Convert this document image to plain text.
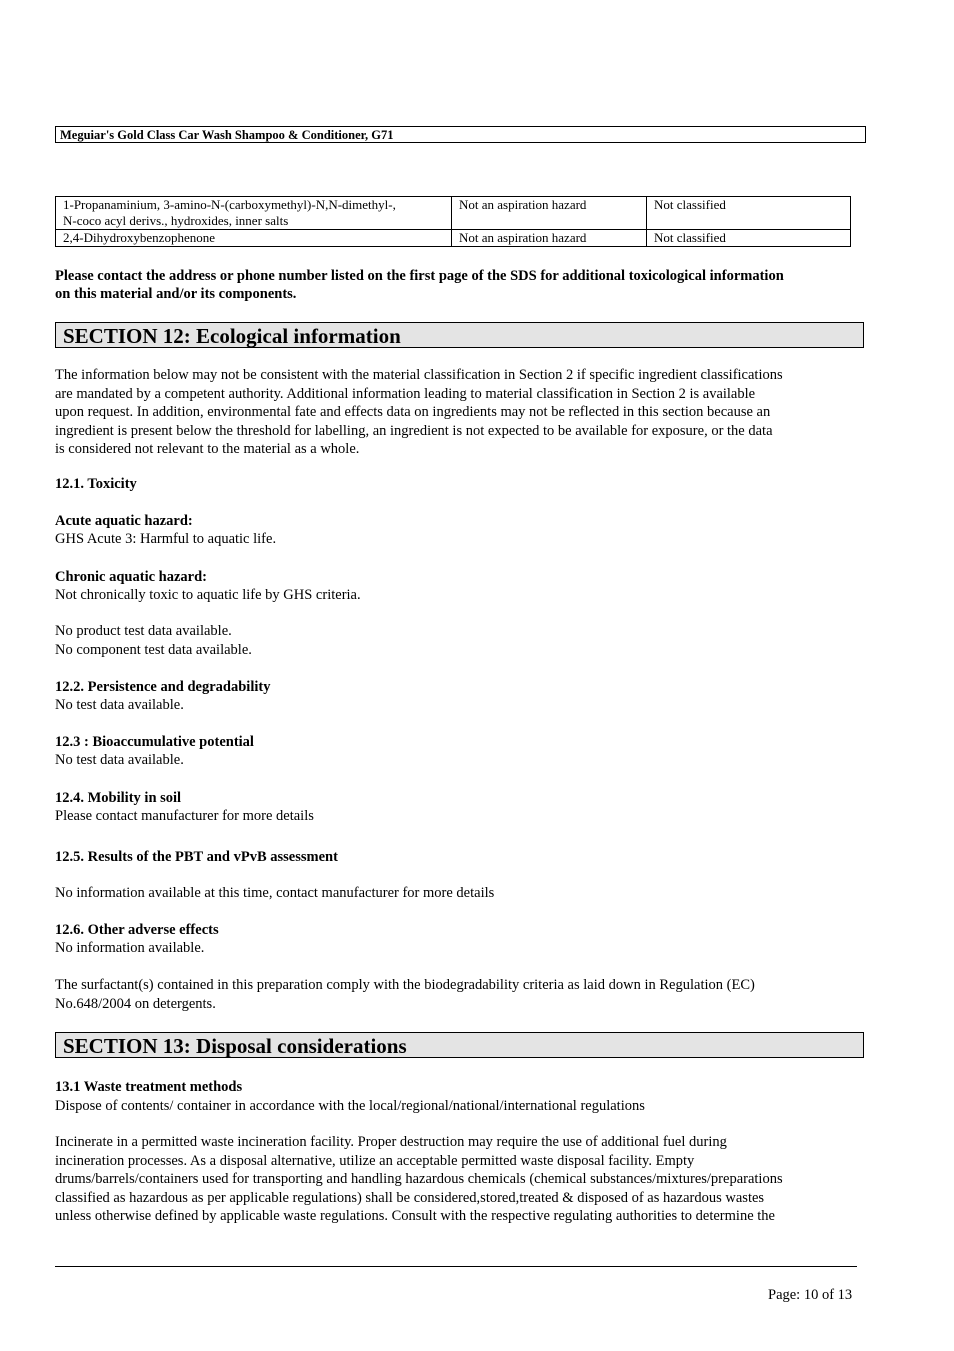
Meguiar's Gold Class Car Wash Shampoo & Conditioner, G71
1-Propanaminium, 3-amino-N-(carboxymethyl)-N,N-dimethyl-,
N-coco acyl derivs., hydroxides, inner salts	Not an aspiration hazard	Not classified
2,4-Dihydroxybenzophenone	Not an aspiration hazard	Not classified
Please contact the address or phone number listed on the first page of the SDS for additional toxicological information
on this material and/or its components.
SECTION 12: Ecological information
The information below may not be consistent with the material classification in Section 2 if specific ingredient classifications
are mandated by a competent authority. Additional information leading to material classification in Section 2 is available
upon request. In addition, environmental fate and effects data on ingredients may not be reflected in this section because an
ingredient is present below the threshold for labelling, an ingredient is not expected to be available for exposure, or the data
is considered not relevant to the material as a whole.
12.1. Toxicity
Acute aquatic hazard:
GHS Acute 3: Harmful to aquatic life.
Chronic aquatic hazard:
Not chronically toxic to aquatic life by GHS criteria.
No product test data available.
No component test data available.
12.2. Persistence and degradability
No test data available.
12.3 : Bioaccumulative potential
No test data available.
12.4. Mobility in soil
Please contact manufacturer for more details
12.5. Results of the PBT and vPvB assessment
No information available at this time, contact manufacturer for more details
12.6. Other adverse effects
No information available.
The surfactant(s) contained in this preparation comply with the biodegradability criteria as laid down in Regulation (EC)
No.648/2004 on detergents.
SECTION 13: Disposal considerations
13.1 Waste treatment methods
Dispose of contents/ container in accordance with the local/regional/national/international regulations
Incinerate in a permitted waste incineration facility. Proper destruction may require the use of additional fuel during
incineration processes. As a disposal alternative, utilize an acceptable permitted waste disposal facility. Empty
drums/barrels/containers used for transporting and handling hazardous chemicals (chemical substances/mixtures/preparations
classified as hazardous as per applicable regulations) shall be considered,stored,treated & disposed of as hazardous wastes
unless otherwise defined by applicable waste regulations. Consult with the respective regulating authorities to determine the
Page: 10 of 13
